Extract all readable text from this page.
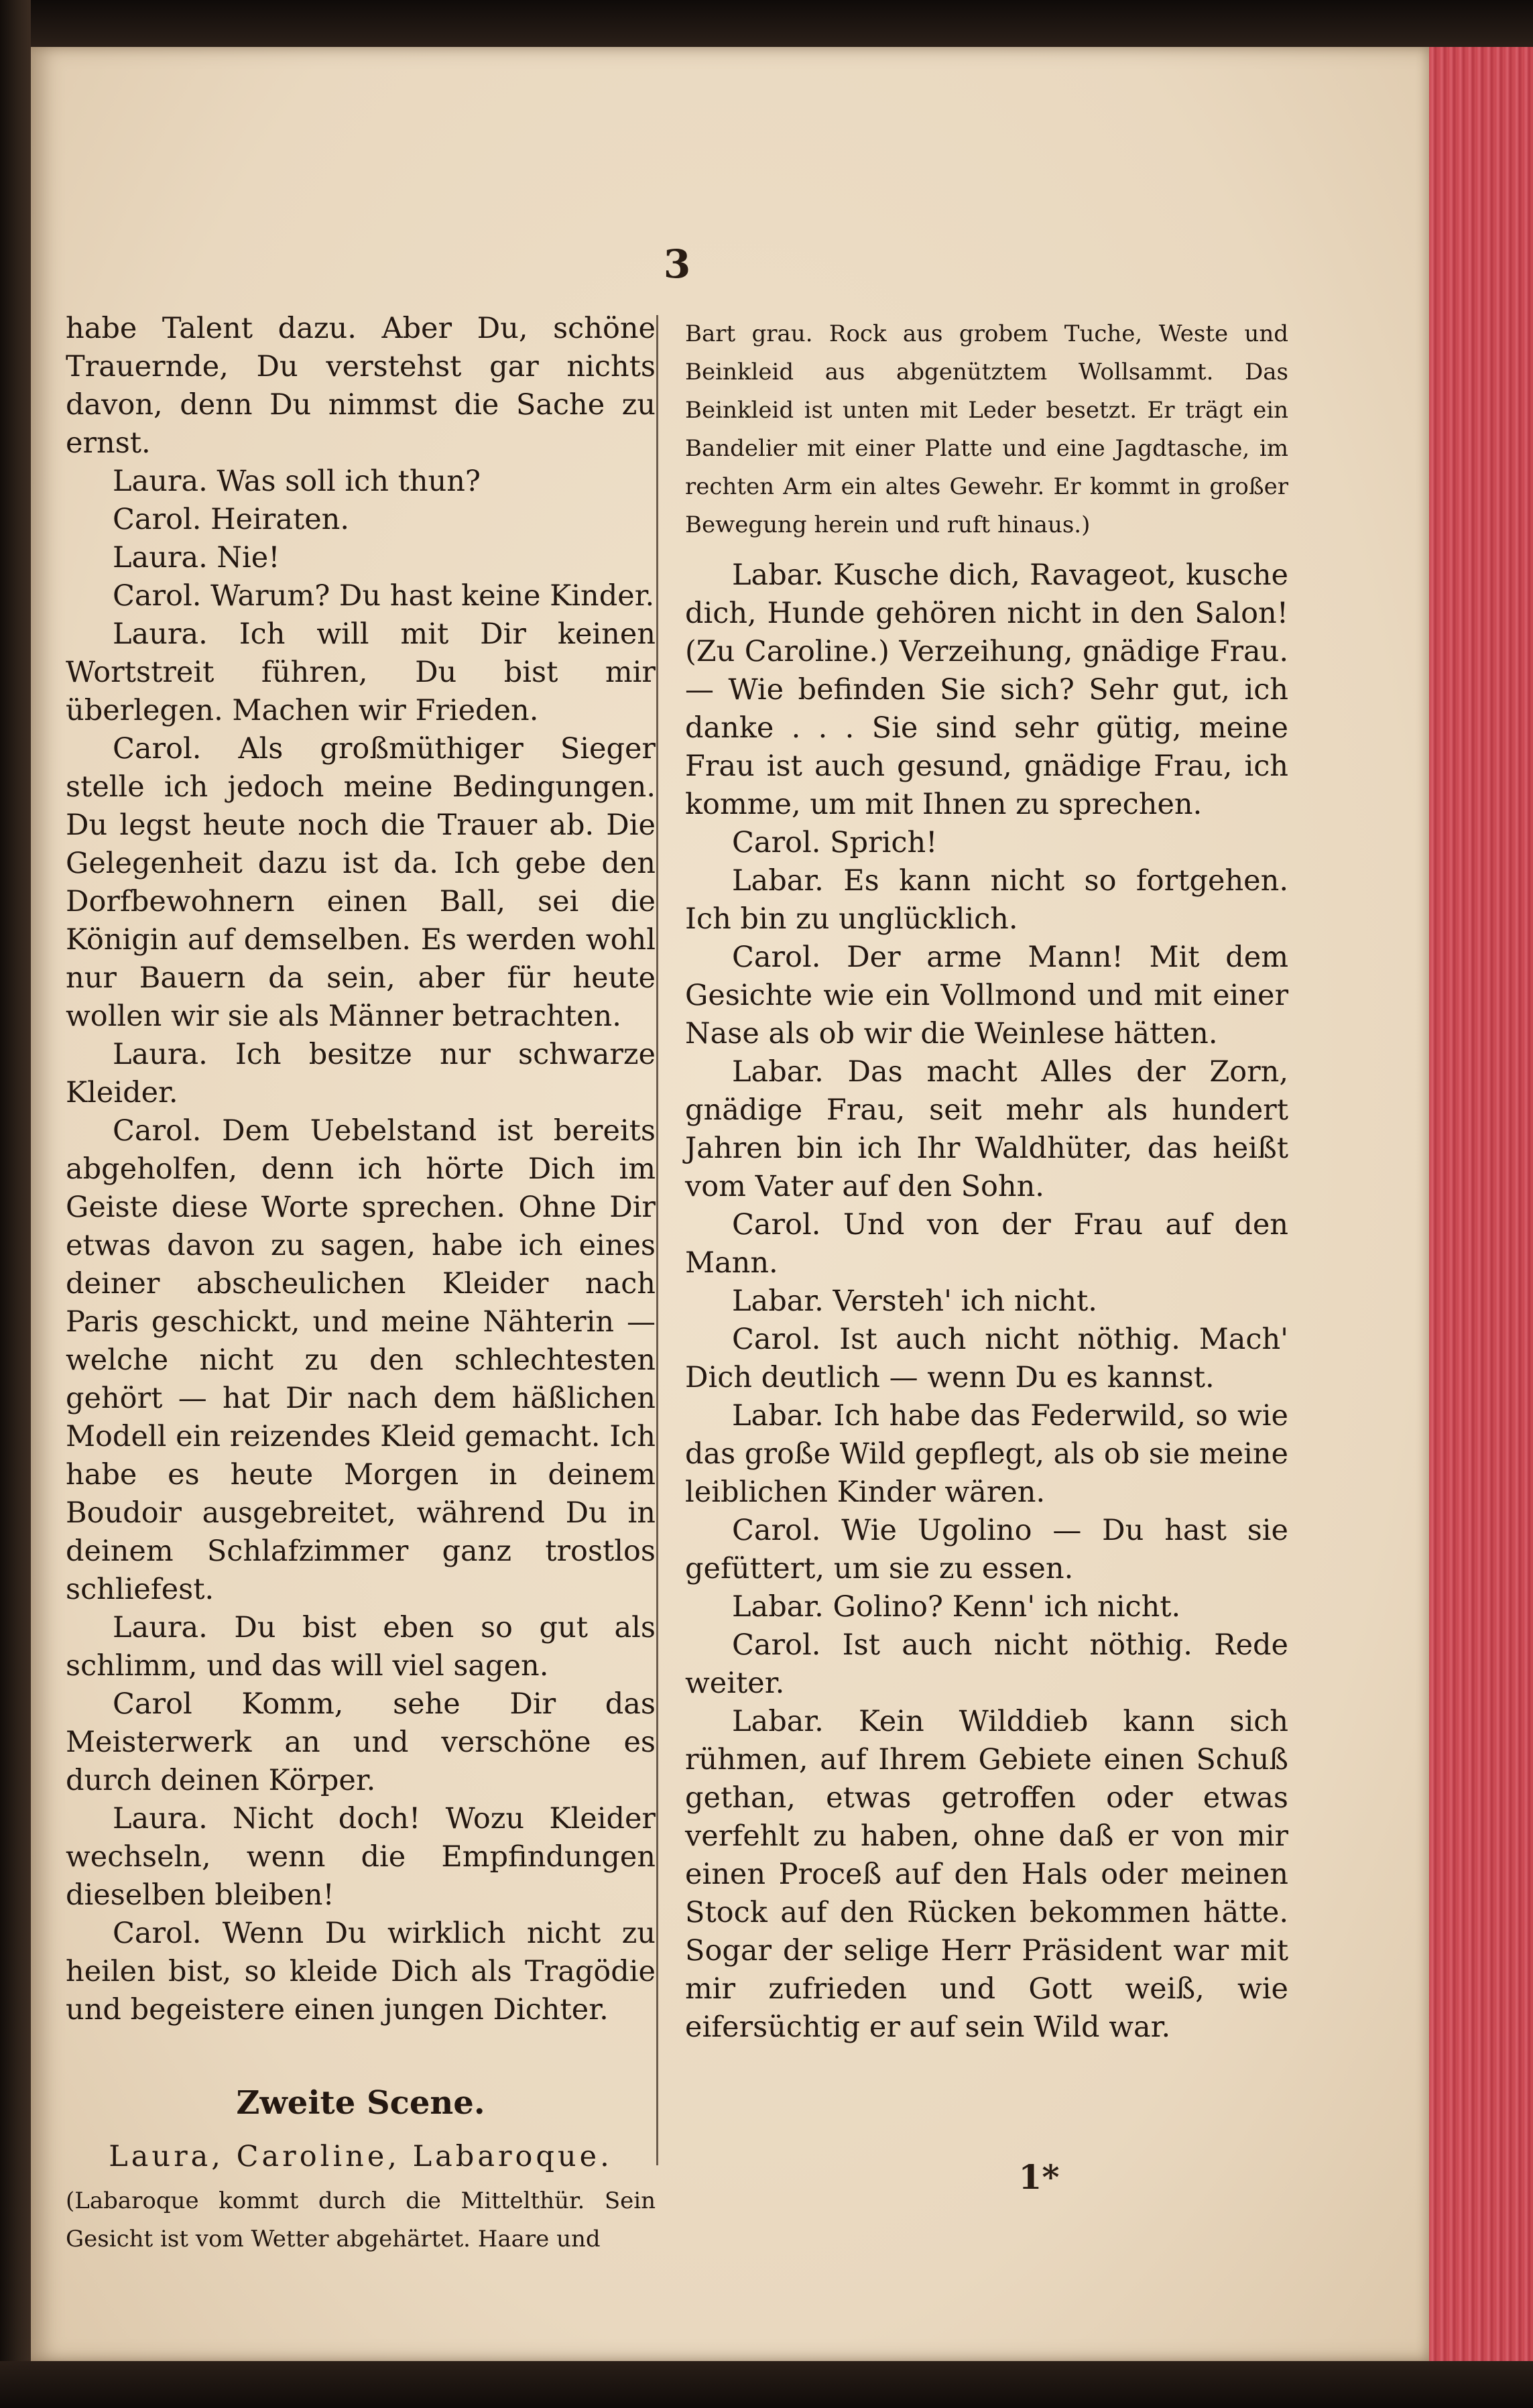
3

habe Talent dazu. Aber Du, schöne Trauernde, Du verstehst gar nichts davon, denn Du nimmst die Sache zu ernst.

Laura. Was soll ich thun?

Carol. Heiraten.

Laura. Nie!

Carol. Warum? Du hast keine Kinder.

Laura. Ich will mit Dir keinen Wortstreit führen, Du bist mir überlegen. Machen wir Frieden.

Carol. Als großmüthiger Sieger stelle ich jedoch meine Bedingungen. Du legst heute noch die Trauer ab. Die Gelegenheit dazu ist da. Ich gebe den Dorfbewohnern einen Ball, sei die Königin auf demselben. Es werden wohl nur Bauern da sein, aber für heute wollen wir sie als Männer betrachten.

Laura. Ich besitze nur schwarze Kleider.

Carol. Dem Uebelstand ist bereits abgeholfen, denn ich hörte Dich im Geiste diese Worte sprechen. Ohne Dir etwas davon zu sagen, habe ich eines deiner abscheulichen Kleider nach Paris geschickt, und meine Nähterin — welche nicht zu den schlechtesten gehört — hat Dir nach dem häßlichen Modell ein reizendes Kleid gemacht. Ich habe es heute Morgen in deinem Boudoir ausgebreitet, während Du in deinem Schlafzimmer ganz trostlos schliefest.

Laura. Du bist eben so gut als schlimm, und das will viel sagen.

Carol Komm, sehe Dir das Meisterwerk an und verschöne es durch deinen Körper.

Laura. Nicht doch! Wozu Kleider wechseln, wenn die Empfindungen dieselben bleiben!

Carol. Wenn Du wirklich nicht zu heilen bist, so kleide Dich als Tragödie und begeistere einen jungen Dichter.

Zweite Scene.
Laura, Caroline, Labaroque.

(Labaroque kommt durch die Mittelthür. Sein Gesicht ist vom Wetter abgehärtet. Haare und

Bart grau. Rock aus grobem Tuche, Weste und Beinkleid aus abgenütztem Wollsammt. Das Beinkleid ist unten mit Leder besetzt. Er trägt ein Bandelier mit einer Platte und eine Jagdtasche, im rechten Arm ein altes Gewehr. Er kommt in großer Bewegung herein und ruft hinaus.)

Labar. Kusche dich, Ravageot, kusche dich, Hunde gehören nicht in den Salon! (Zu Caroline.) Verzeihung, gnädige Frau. — Wie befinden Sie sich? Sehr gut, ich danke . . . Sie sind sehr gütig, meine Frau ist auch gesund, gnädige Frau, ich komme, um mit Ihnen zu sprechen.

Carol. Sprich!

Labar. Es kann nicht so fortgehen. Ich bin zu unglücklich.

Carol. Der arme Mann! Mit dem Gesichte wie ein Vollmond und mit einer Nase als ob wir die Weinlese hätten.

Labar. Das macht Alles der Zorn, gnädige Frau, seit mehr als hundert Jahren bin ich Ihr Waldhüter, das heißt vom Vater auf den Sohn.

Carol. Und von der Frau auf den Mann.

Labar. Versteh' ich nicht.

Carol. Ist auch nicht nöthig. Mach' Dich deutlich — wenn Du es kannst.

Labar. Ich habe das Federwild, so wie das große Wild gepflegt, als ob sie meine leiblichen Kinder wären.

Carol. Wie Ugolino — Du hast sie gefüttert, um sie zu essen.

Labar. Golino? Kenn' ich nicht.

Carol. Ist auch nicht nöthig. Rede weiter.

Labar. Kein Wilddieb kann sich rühmen, auf Ihrem Gebiete einen Schuß gethan, etwas getroffen oder etwas verfehlt zu haben, ohne daß er von mir einen Proceß auf den Hals oder meinen Stock auf den Rücken bekommen hätte. Sogar der selige Herr Präsident war mit mir zufrieden und Gott weiß, wie eifersüchtig er auf sein Wild war.

1*
